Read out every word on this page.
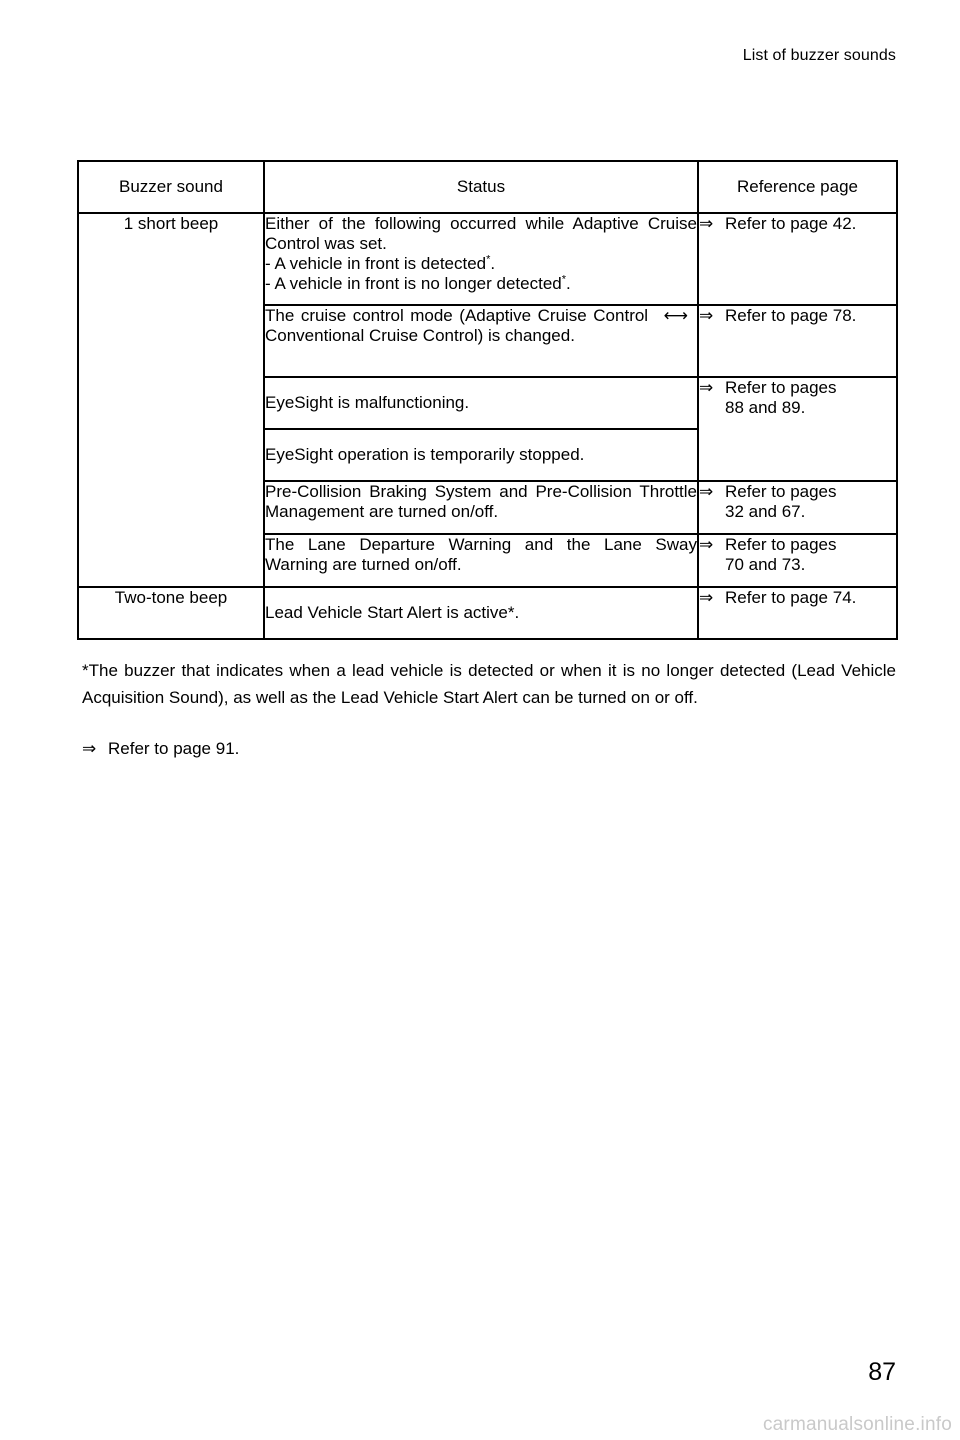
List of buzzer sounds
Buzzer sound	Status	Reference page
1 short beep	Either of the following occurred while Adaptive Cruise Control was set.
- A vehicle in front is detected*.
- A vehicle in front is no longer detected*.	⇒ Refer to page 42.

	The cruise control mode (Adaptive Cruise Control ⟷ Conventional Cruise Control) is changed.	⇒ Refer to page 78.

	EyeSight is malfunctioning.	⇒ Refer to pages
88 and 89.

	EyeSight operation is temporarily stopped.	
	Pre-Collision Braking System and Pre-Collision Throttle Management are turned on/off.	⇒ Refer to pages
32 and 67.

	The Lane Departure Warning and the Lane Sway Warning are turned on/off.	⇒ Refer to pages
70 and 73.

Two-tone beep	Lead Vehicle Start Alert is active*.	⇒ Refer to page 74.
*The buzzer that indicates when a lead vehicle is detected or when it is no longer detected (Lead Vehicle Acquisition Sound), as well as the Lead Vehicle Start Alert can be turned on or off.
⇒ Refer to page 91.
87
carmanualsonline.info
